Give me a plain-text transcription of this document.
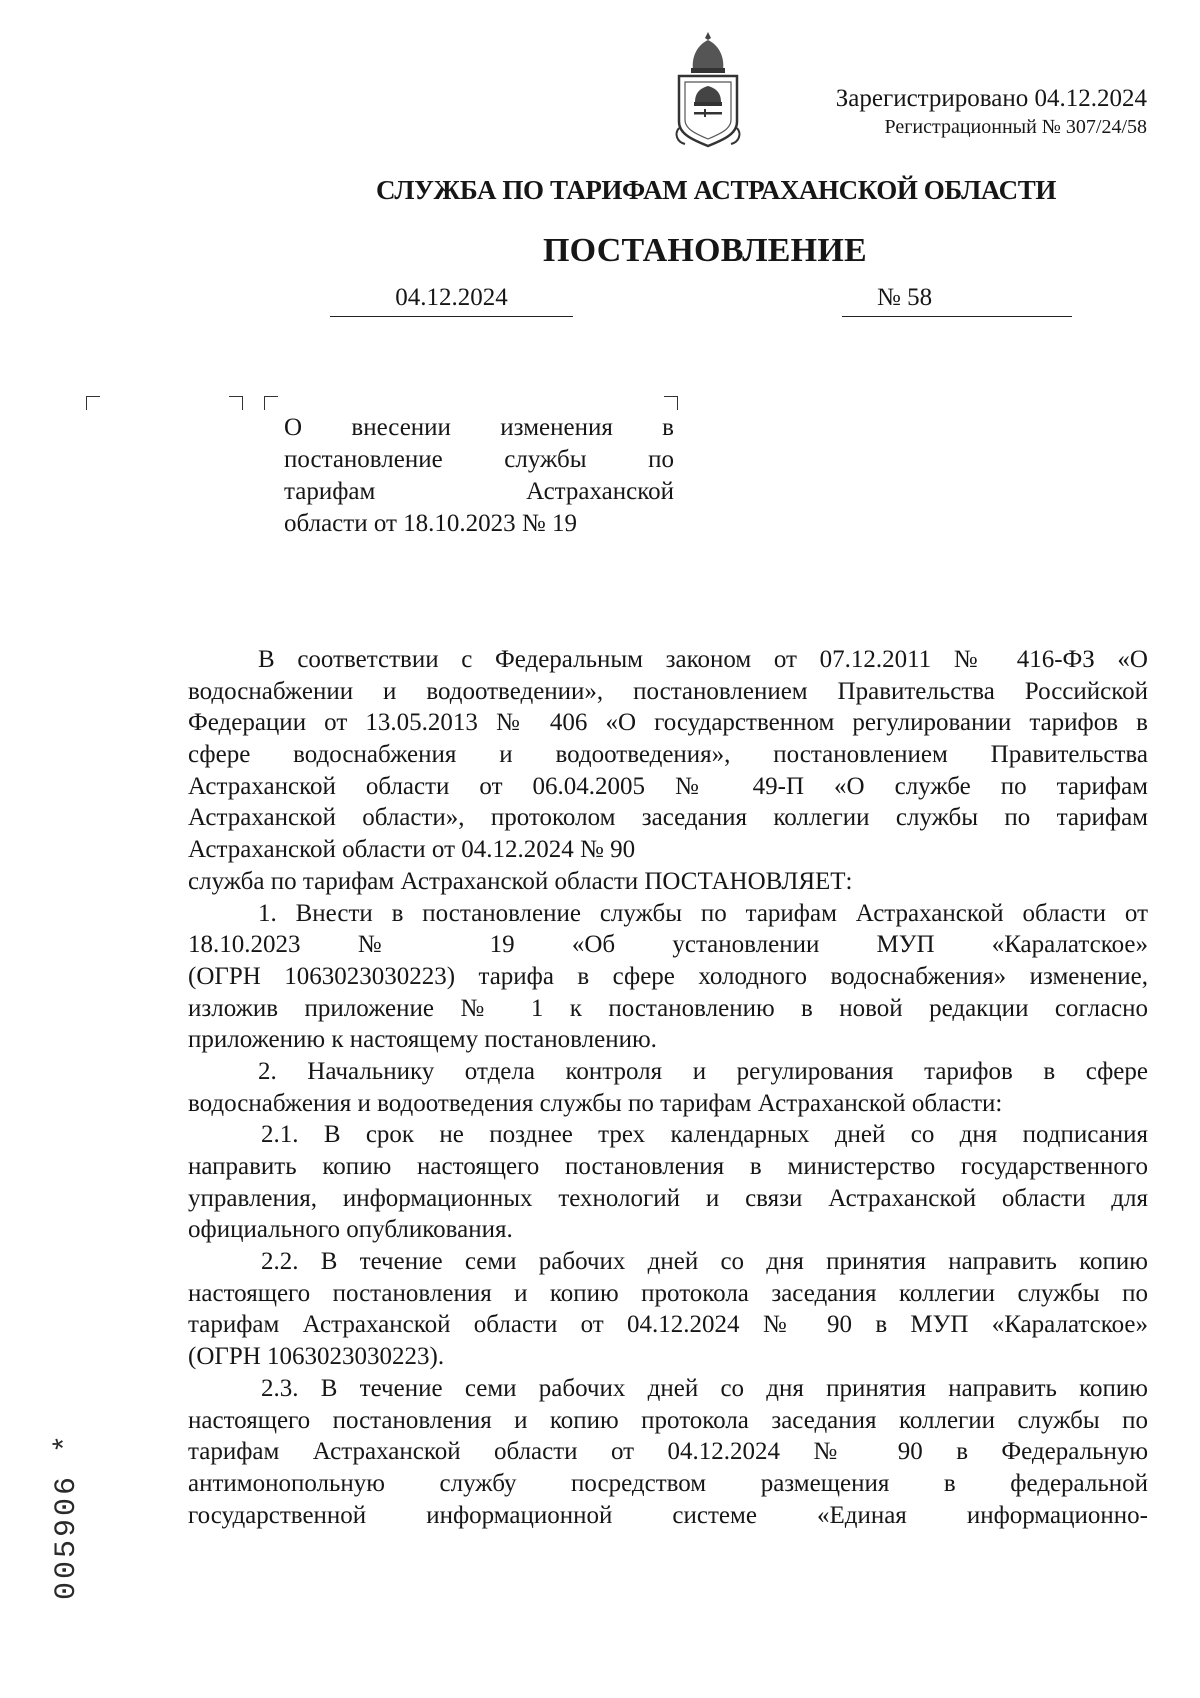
Зарегистрировано 04.12.2024
Регистрационный № 307/24/58
СЛУЖБА ПО ТАРИФАМ АСТРАХАНСКОЙ ОБЛАСТИ
ПОСТАНОВЛЕНИЕ
04.12.2024	№ 58
О внесении изменения в
постановление службы по
тарифам Астраханской
области от 18.10.2023 № 19
В соответствии с Федеральным законом от 07.12.2011 № 416-ФЗ «О
водоснабжении и водоотведении», постановлением Правительства Российской
Федерации от 13.05.2013 № 406 «О государственном регулировании тарифов в
сфере водоснабжения и водоотведения», постановлением Правительства
Астраханской области от 06.04.2005 № 49-П «О службе по тарифам
Астраханской области», протоколом заседания коллегии службы по тарифам
Астраханской области от 04.12.2024 № 90
служба по тарифам Астраханской области ПОСТАНОВЛЯЕТ:
1. Внести в постановление службы по тарифам Астраханской области от
18.10.2023 № 19 «Об установлении МУП «Каралатское»
(ОГРН 1063023030223) тарифа в сфере холодного водоснабжения» изменение,
изложив приложение № 1 к постановлению в новой редакции согласно
приложению к настоящему постановлению.
2. Начальнику отдела контроля и регулирования тарифов в сфере
водоснабжения и водоотведения службы по тарифам Астраханской области:
2.1. В срок не позднее трех календарных дней со дня подписания
направить копию настоящего постановления в министерство государственного
управления, информационных технологий и связи Астраханской области для
официального опубликования.
2.2. В течение семи рабочих дней со дня принятия направить копию
настоящего постановления и копию протокола заседания коллегии службы по
тарифам Астраханской области от 04.12.2024 № 90 в МУП «Каралатское»
(ОГРН 1063023030223).
2.3. В течение семи рабочих дней со дня принятия направить копию
настоящего постановления и копию протокола заседания коллегии службы по
тарифам Астраханской области от 04.12.2024 № 90 в Федеральную
антимонопольную службу посредством размещения в федеральной
государственной информационной системе «Единая информационно-
005906 *
